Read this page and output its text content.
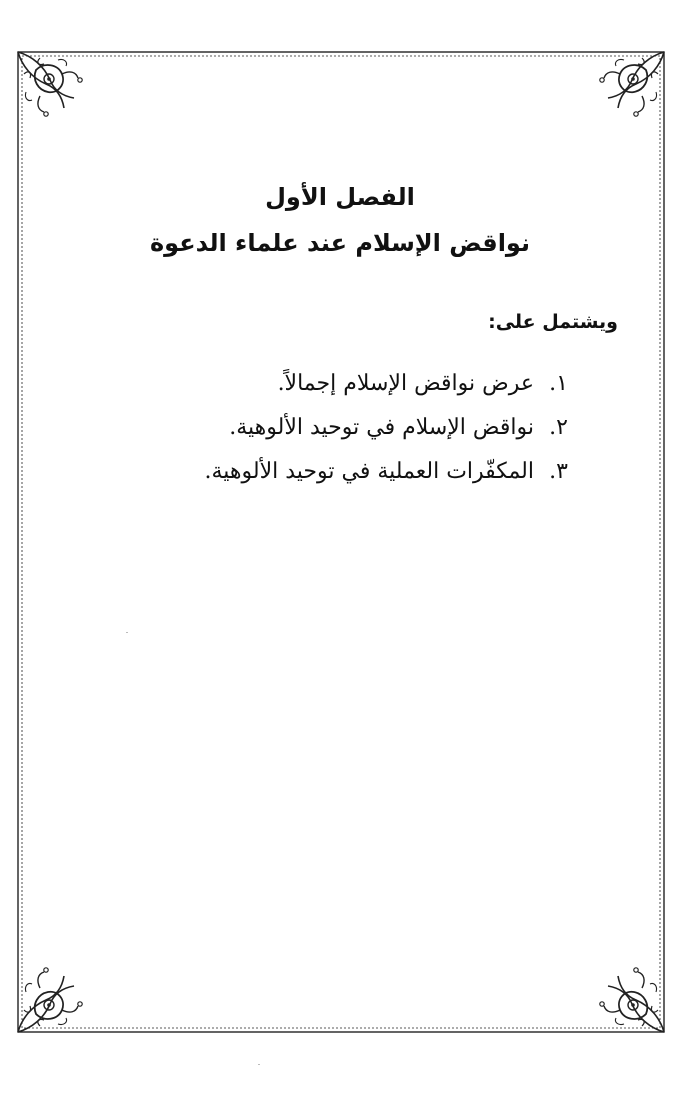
الفصل الأول
نواقض الإسلام عند علماء الدعوة

ويشتمل على:

١.
عرض نواقض الإسلام إجمالاً.
٢.
نواقض الإسلام في توحيد الألوهية.
٣.
المكفّرات العملية في توحيد الألوهية.
